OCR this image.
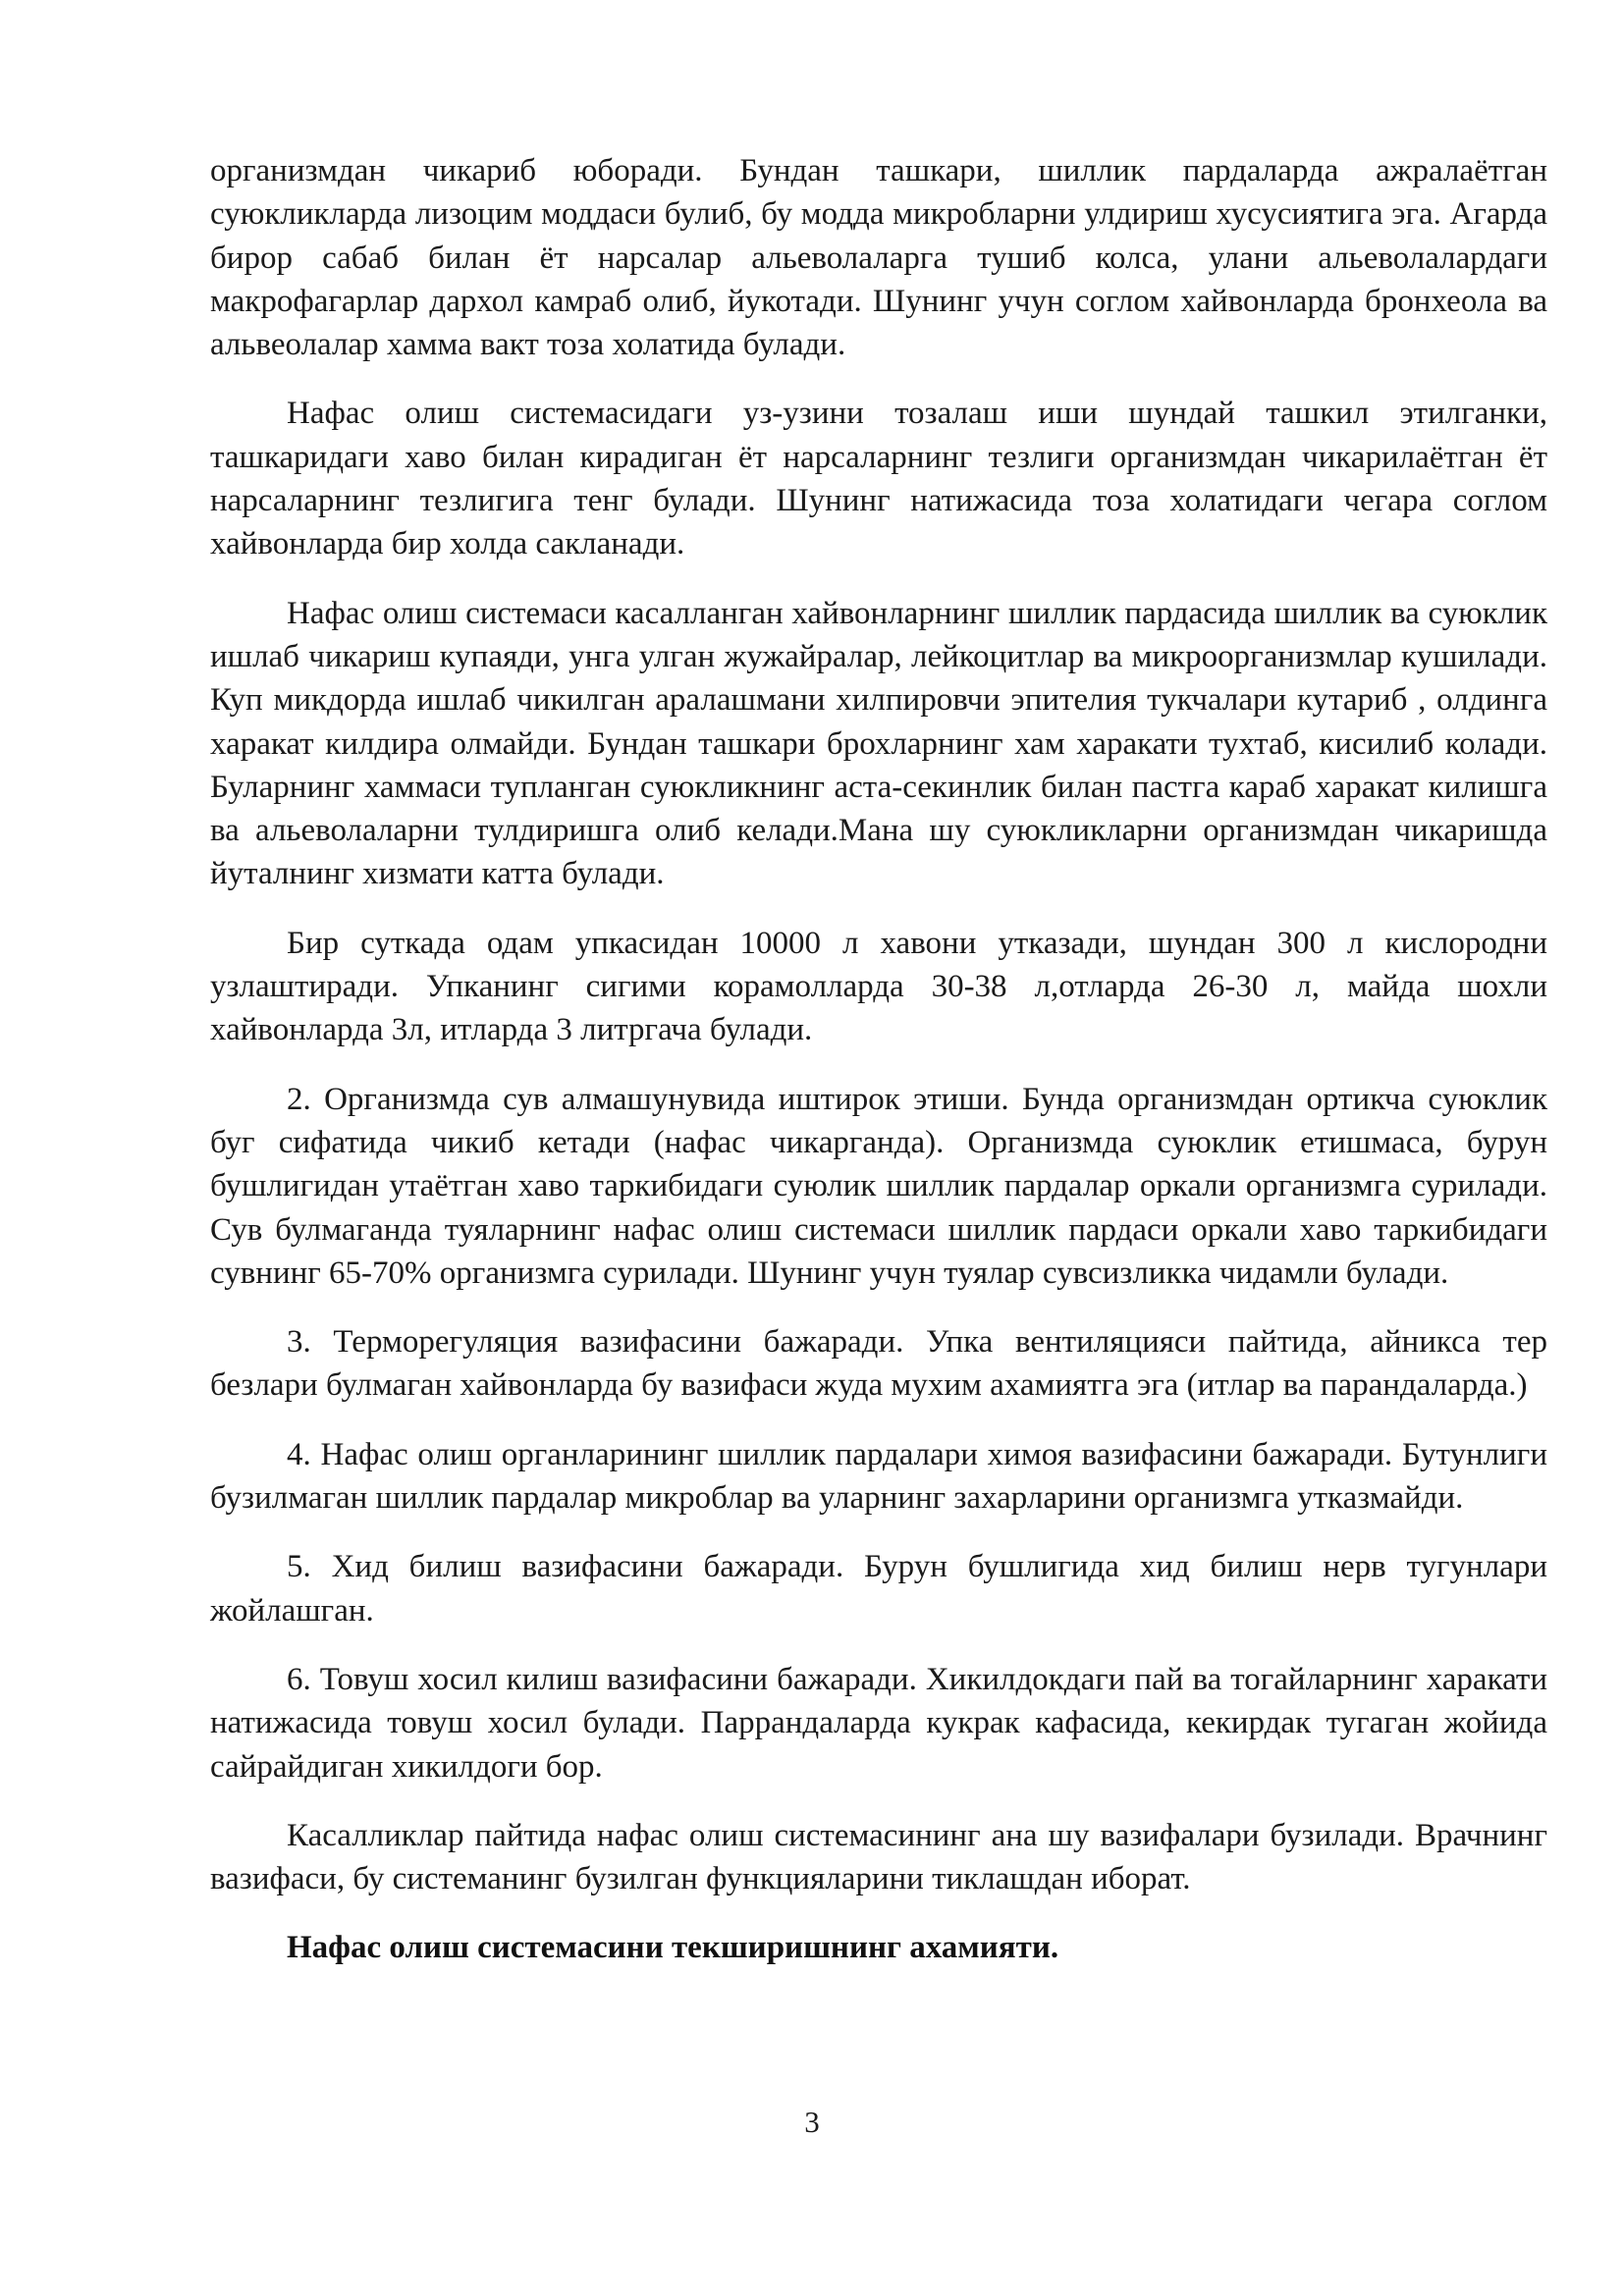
организмдан чикариб юборади. Бундан ташкари, шиллик пардаларда ажралаётган суюкликларда лизоцим моддаси булиб, бу модда микробларни улдириш хусусиятига эга. Агарда бирор сабаб билан ёт нарсалар альеволаларга тушиб колса, улани альеволалардаги макрофагарлар дархол камраб олиб, йукотади. Шунинг учун соглом хайвонларда бронхеола ва альвеолалар хамма вакт тоза холатида булади.

Нафас олиш системасидаги уз-узини тозалаш иши шундай ташкил этилганки, ташкаридаги хаво билан кирадиган ёт нарсаларнинг тезлиги организмдан чикарилаётган ёт нарсаларнинг тезлигига тенг булади. Шунинг натижасида тоза холатидаги чегара соглом хайвонларда бир холда сакланади.

Нафас олиш системаси касалланган хайвонларнинг шиллик пардасида шиллик ва суюклик ишлаб чикариш купаяди, унга улган жужайралар, лейкоцитлар ва микроорганизмлар кушилади. Куп микдорда ишлаб чикилган аралашмани хилпировчи эпителия тукчалари кутариб , олдинга харакат килдира олмайди. Бундан ташкари брохларнинг хам харакати тухтаб, кисилиб колади. Буларнинг хаммаси тупланган суюкликнинг аста-секинлик билан пастга караб харакат килишга ва альеволаларни тулдиришга олиб келади.Мана шу суюкликларни организмдан чикаришда йуталнинг хизмати катта булади.

Бир суткада одам упкасидан 10000 л хавони утказади, шундан 300 л кислородни узлаштиради. Упканинг сигими корамолларда 30-38 л,отларда 26-30 л, майда шохли хайвонларда 3л, итларда 3 литргача булади.

2. Организмда сув алмашунувида иштирок этиши. Бунда организмдан ортикча суюклик буг сифатида чикиб кетади (нафас чикарганда). Организмда суюклик етишмаса, бурун бушлигидан утаётган хаво таркибидаги суюлик шиллик пардалар оркали организмга сурилади. Сув булмаганда туяларнинг нафас олиш системаси шиллик пардаси оркали хаво таркибидаги сувнинг 65-70% организмга сурилади. Шунинг учун туялар сувсизликка чидамли булади.

3. Терморегуляция вазифасини бажаради. Упка вентиляцияси пайтида, айникса тер безлари булмаган хайвонларда бу вазифаси жуда мухим ахамиятга эга (итлар ва парандаларда.)

4. Нафас олиш органларининг шиллик пардалари химоя вазифасини бажаради. Бутунлиги бузилмаган шиллик пардалар микроблар ва уларнинг захарларини организмга утказмайди.

5. Хид билиш вазифасини бажаради. Бурун бушлигида хид билиш нерв тугунлари жойлашган.

6. Товуш хосил килиш вазифасини бажаради. Хикилдокдаги пай ва тогайларнинг харакати натижасида товуш хосил булади. Паррандаларда кукрак кафасида, кекирдак тугаган жойида сайрайдиган хикилдоги бор.

Касалликлар пайтида нафас олиш системасининг ана шу вазифалари бузилади. Врачнинг вазифаси, бу системанинг бузилган функцияларини тиклашдан иборат.

Нафас олиш системасини текширишнинг ахамияти.

3
